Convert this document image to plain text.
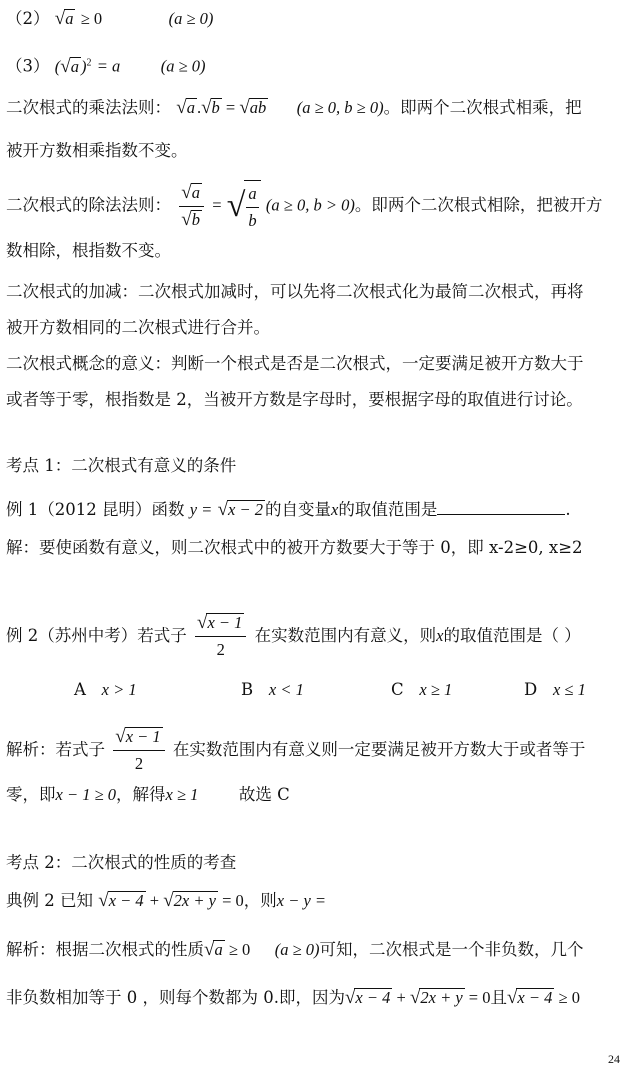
（2） √a ≥ 0	(a ≥ 0)
（3） (√a )$^2$ = a (a ≥ 0)
二次根式的乘法法则： √a .√b = √ab (a ≥ 0, b ≥ 0)。即两个二次根式相乘，把
被开方数相乘指数不变。
二次根式的除法法则： $\frac{√a}{√b}$ = √ $\frac{a}{b} (a \ge 0$, b > 0)。即两个二次根式相除，把被开方
数相除，根指数不变。
二次根式的加减：二次根式加减时，可以先将二次根式化为最简二次根式，再将
被开方数相同的二次根式进行合并。
二次根式概念的意义：判断一个根式是否是二次根式，一定要满足被开方数大于
或者等于零，根指数是 2，当被开方数是字母时，要根据字母的取值进行讨论。
考点 1：二次根式有意义的条件
例 1（2012 昆明）函数 y = √x − 2 的自变量x的取值范围是	.
解：要使函数有意义，则二次根式中的被开方数要大于等于 0，即 x-2≥0, x≥2
例 2（苏州中考）若式子 $\frac{√x - 1}{2}$ 在实数范围内有意义，则x的取值范围是（ ）
A x > 1	B x < 1	C x ≥ 1	D x ≤ 1
解析：若式子 $\frac{√x - 1}{2}$ 在实数范围内有意义则一定要满足被开方数大于或者等于
零，即x − 1 ≥ 0，解得x ≥ 1 故选 C
考点 2：二次根式的性质的考查
典例 2 已知 √x − 4 + √2x + y = 0，则x − y =
解析：根据二次根式的性质√a ≥ 0 (a ≥ 0)可知，二次根式是一个非负数，几个
非负数相加等于 0 ，则每个数都为 0.即，因为√x − 4 + √2x + y = 0且√x − 4 ≥ 0
24
